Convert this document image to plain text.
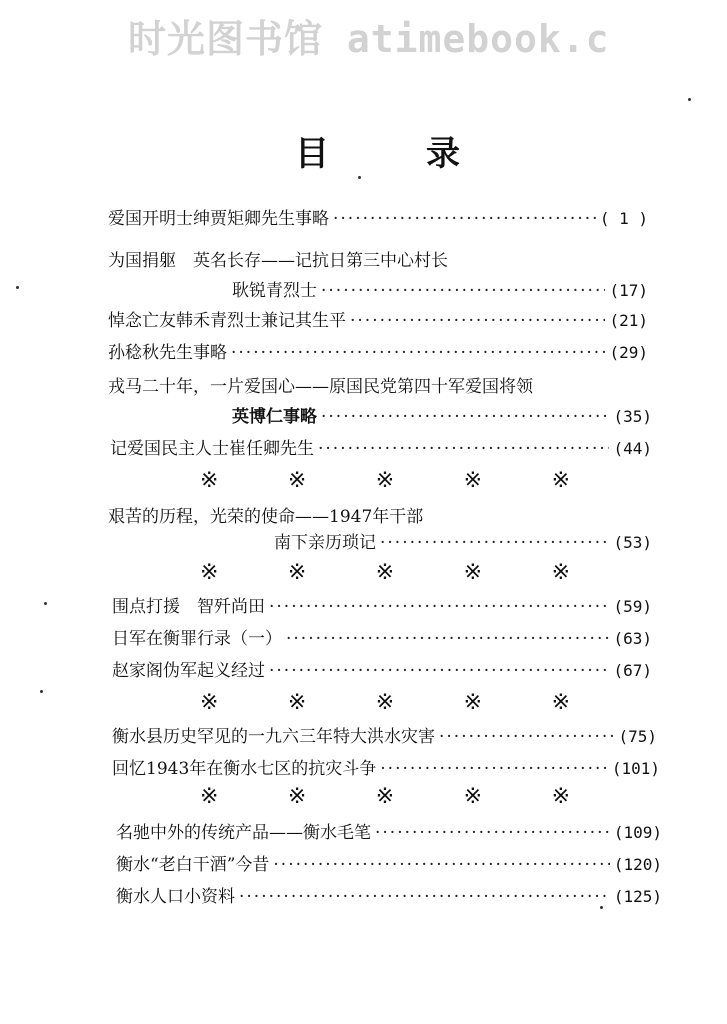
时光图书馆 atimebook.c
目	录
爱国开明士绅贾矩卿先生事略 ·····	( 1 )
为国捐躯　英名长存——记抗日第三中心村长
耿锐青烈士 ·····	(17)
悼念亡友韩禾青烈士兼记其生平 ·····	(21)
孙稔秋先生事略 ·····	(29)
戎马二十年，一片爱国心——原国民党第四十军爱国将领
英博仁事略 ·····	(35)
记爱国民主人士崔任卿先生 ·····	(44)
※	※	※	※	※
艰苦的历程，光荣的使命——1947年干部
南下亲历琐记 ·····	(53)
※	※	※	※	※
围点打援　智歼尚田 ·····	(59)
日军在衡罪行录（一） ·····	(63)
赵家阁伪军起义经过 ·····	(67)
※	※	※	※	※
衡水县历史罕见的一九六三年特大洪水灾害 ·····	(75)
回忆1943年在衡水七区的抗灾斗争 ·····	(101)
※	※	※	※	※
名驰中外的传统产品——衡水毛笔 ·····	(109)
衡水“老白干酒”今昔 ·····	(120)
衡水人口小资料 ·····	(125)
